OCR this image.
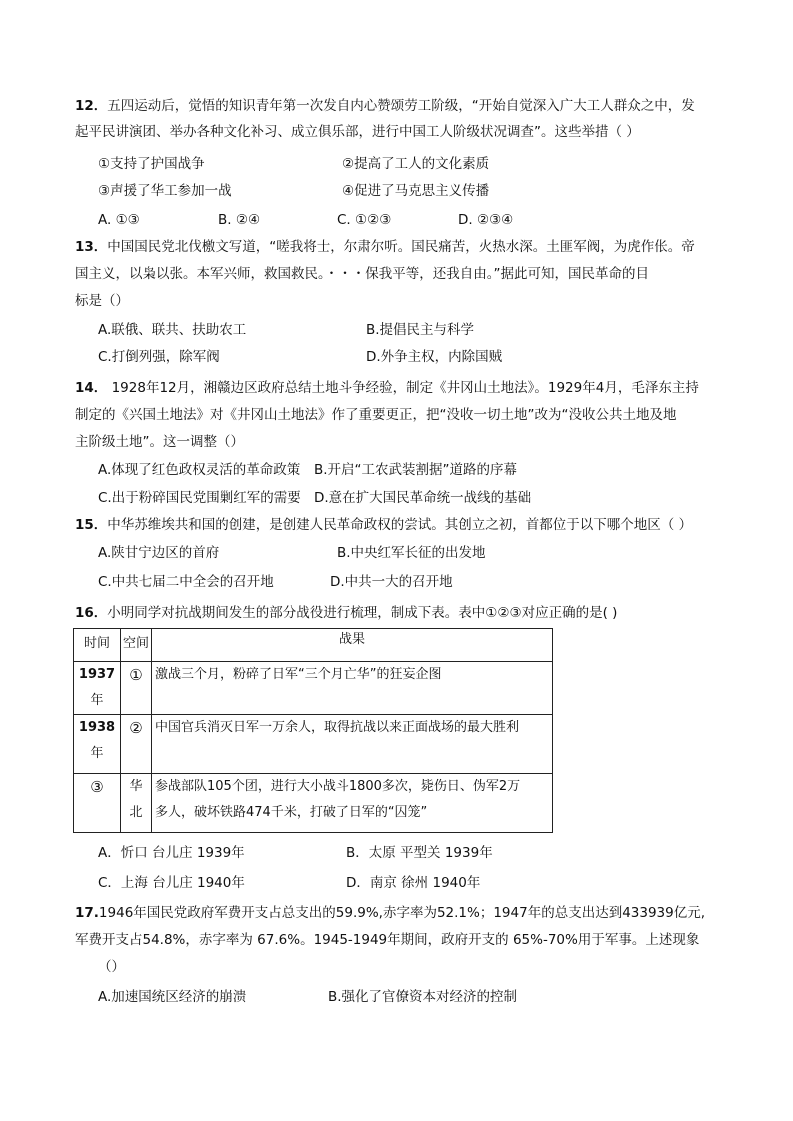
12．五四运动后，觉悟的知识青年第一次发自内心赞颂劳工阶级，“开始自觉深入广大工人群众之中，发
起平民讲演团、举办各种文化补习、成立俱乐部，进行中国工人阶级状况调查”。这些举措（ ）
①支持了护国战争	②提高了工人的文化素质
③声援了华工参加一战	④促进了马克思主义传播
A. ①③	B. ②④	C. ①②③	D. ②③④
13．中国国民党北伐檄文写道，“嗟我将士，尔肃尔听。国民痛苦，火热水深。土匪军阀，为虎作伥。帝
国主义，以枭以张。本军兴师，救国救民。・・・保我平等，还我自由。”据此可知，国民革命的目
标是（）
A.联俄、联共、扶助农工	B.提倡民主与科学
C.打倒列强，除军阀	D.外争主权，内除国贼
14． 1928年12月，湘赣边区政府总结土地斗争经验，制定《井冈山土地法》。1929年4月，毛泽东主持
制定的《兴国土地法》对《井冈山土地法》作了重要更正，把“没收一切土地”改为“没收公共土地及地
主阶级土地”。这一调整（）
A.体现了红色政权灵活的革命政策 B.开启“工农武装割据”道路的序幕
C.出于粉碎国民党围剿红军的需要 D.意在扩大国民革命统一战线的基础
15．中华苏维埃共和国的创建，是创建人民革命政权的尝试。其创立之初，首都位于以下哪个地区（ ）
A.陕甘宁边区的首府	B.中央红军长征的出发地
C.中共七届二中全会的召开地	D.中共一大的召开地
16．小明同学对抗战期间发生的部分战役进行梳理，制成下表。表中①②③对应正确的是( )
时间	空间	战果

1937
年	①	激战三个月，粉碎了日军“三个月亡华”的狂妄企图

1938
年	②	中国官兵消灭日军一万余人，取得抗战以来正面战场的最大胜利
③	华北	参战部队105个团，进行大小战斗1800多次，毙伤日、伪军2万
多人，破坏铁路474千米，打破了日军的“囚笼”
A．忻口 台儿庄 1939年	B．太原 平型关 1939年
C．上海 台儿庄 1940年	D．南京 徐州 1940年
17.1946年国民党政府军费开支占总支出的59.9%,赤字率为52.1%；1947年的总支出达到433939亿元,
军费开支占54.8%，赤字率为 67.6%。1945-1949年期间，政府开支的 65%-70%用于军事。上述现象
（）
A.加速国统区经济的崩溃	B.强化了官僚资本对经济的控制
